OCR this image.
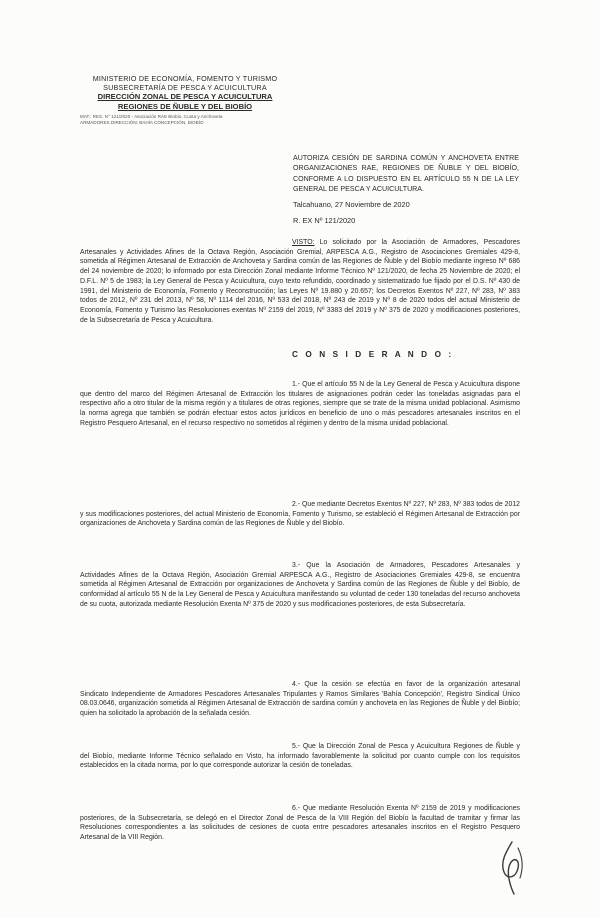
MINISTERIO DE ECONOMÍA, FOMENTO Y TURISMO
SUBSECRETARÍA DE PESCA Y ACUICULTURA
DIRECCIÓN ZONAL DE PESCA Y ACUICULTURA
REGIONES DE ÑUBLE Y DEL BIOBÍO
MAT.: RES. N° 121/2020 - Asociación RAE Biobío, Cuota y Anchoveta
ARMADORES DIRECCIÓN: BAHÍA CONCEPCIÓN, BIOBÍO
AUTORIZA CESIÓN DE SARDINA COMÚN Y ANCHOVETA ENTRE ORGANIZACIONES RAE, REGIONES DE ÑUBLE Y DEL BIOBÍO, CONFORME A LO DISPUESTO EN EL ARTÍCULO 55 N DE LA LEY GENERAL DE PESCA Y ACUICULTURA.
Talcahuano, 27 Noviembre de 2020
R. EX Nº 121/2020
VISTO: Lo solicitado por la Asociación de Armadores, Pescadores Artesanales y Actividades Afines de la Octava Región, Asociación Gremial, ARPESCA A.G., Registro de Asociaciones Gremiales 429-8, sometida al Régimen Artesanal de Extracción de Anchoveta y Sardina común de las Regiones de Ñuble y del Biobío mediante ingreso Nº 686 del 24 noviembre de 2020; lo informado por esta Dirección Zonal mediante Informe Técnico Nº 121/2020, de fecha 25 Noviembre de 2020; el D.F.L. Nº 5 de 1983; la Ley General de Pesca y Acuicultura, cuyo texto refundido, coordinado y sistematizado fue fijado por el D.S. Nº 430 de 1991, del Ministerio de Economía, Fomento y Reconstrucción; las Leyes Nº 19.880 y 20.657; los Decretos Exentos Nº 227, Nº 283, Nº 383 todos de 2012, Nº 231 del 2013, Nº 58, Nº 1114 del 2016, Nº 533 del 2018, Nº 243 de 2019 y Nº 8 de 2020 todos del actual Ministerio de Economía, Fomento y Turismo las Resoluciones exentas Nº 2159 del 2019, Nº 3383 del 2019 y Nº 375 de 2020 y modificaciones posteriores, de la Subsecretaría de Pesca y Acuicultura.
C O N S I D E R A N D O :
1.- Que el artículo 55 N de la Ley General de Pesca y Acuicultura dispone que dentro del marco del Régimen Artesanal de Extracción los titulares de asignaciones podrán ceder las toneladas asignadas para el respectivo año a otro titular de la misma región y a titulares de otras regiones, siempre que se trate de la misma unidad poblacional. Asimismo la norma agrega que también se podrán efectuar estos actos jurídicos en beneficio de uno o más pescadores artesanales inscritos en el Registro Pesquero Artesanal, en el recurso respectivo no sometidos al régimen y dentro de la misma unidad poblacional.
2.- Que mediante Decretos Exentos Nº 227, Nº 283, Nº 383 todos de 2012 y sus modificaciones posteriores, del actual Ministerio de Economía, Fomento y Turismo, se estableció el Régimen Artesanal de Extracción por organizaciones de Anchoveta y Sardina común de las Regiones de Ñuble y del Biobío.
3.- Que la Asociación de Armadores, Pescadores Artesanales y Actividades Afines de la Octava Región, Asociación Gremial ARPESCA A.G., Registro de Asociaciones Gremiales 429-8, se encuentra sometida al Régimen Artesanal de Extracción por organizaciones de Anchoveta y Sardina común de las Regiones de Ñuble y del Biobío, de conformidad al artículo 55 N de la Ley General de Pesca y Acuicultura manifestando su voluntad de ceder 130 toneladas del recurso anchoveta de su cuota, autorizada mediante Resolución Exenta Nº 375 de 2020 y sus modificaciones posteriores, de esta Subsecretaría.
4.- Que la cesión se efectúa en favor de la organización artesanal Sindicato Independiente de Armadores Pescadores Artesanales Tripulantes y Ramos Similares 'Bahía Concepción', Registro Sindical Único 08.03.0646, organización sometida al Régimen Artesanal de Extracción de sardina común y anchoveta en las Regiones de Ñuble y del Biobío; quien ha solicitado la aprobación de la señalada cesión.
5.- Que la Dirección Zonal de Pesca y Acuicultura Regiones de Ñuble y del Biobío, mediante Informe Técnico señalado en Visto, ha informado favorablemente la solicitud por cuanto cumple con los requisitos establecidos en la citada norma, por lo que corresponde autorizar la cesión de toneladas.
6.- Que mediante Resolución Exenta Nº 2159 de 2019 y modificaciones posteriores, de la Subsecretaría, se delegó en el Director Zonal de Pesca de la VIII Región del Biobío la facultad de tramitar y firmar las Resoluciones correspondientes a las solicitudes de cesiones de cuota entre pescadores artesanales inscritos en el Registro Pesquero Artesanal de la VIII Región.
